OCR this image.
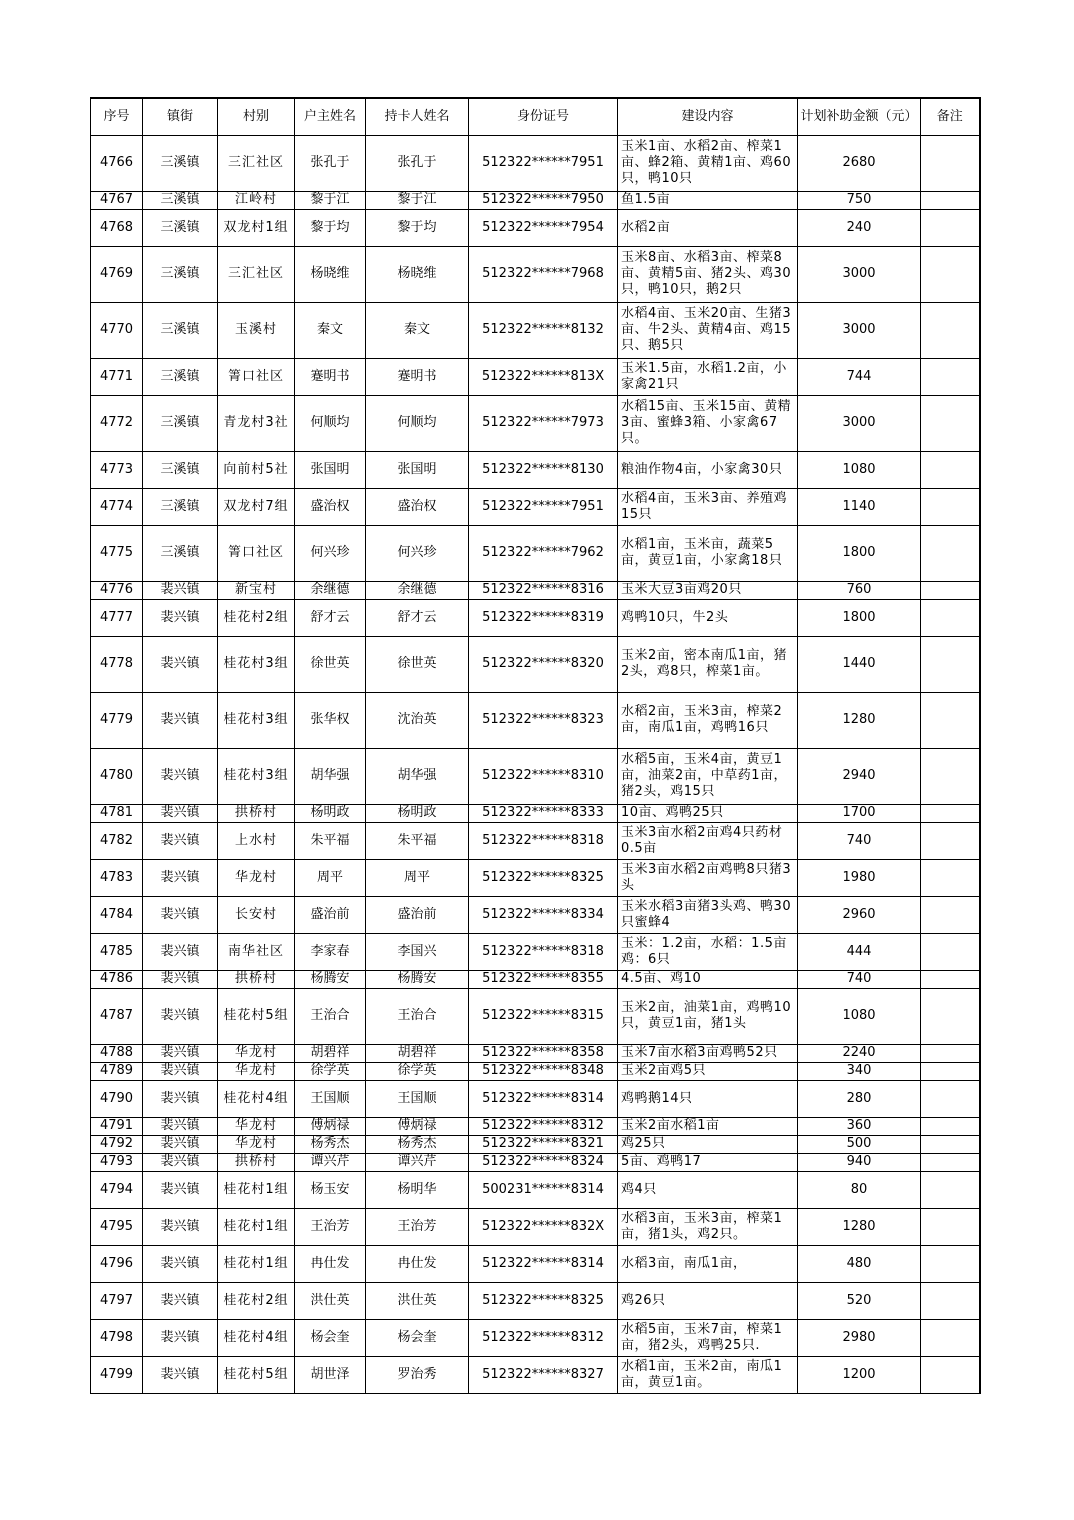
序号	镇街	村别	户主姓名	持卡人姓名	身份证号	建设内容	计划补助金额（元）	备注
4766	三溪镇	三汇社区	张孔于	张孔于	512322******7951	玉米1亩、水稻2亩、榨菜1亩、蜂2箱、黄精1亩、鸡60只，鸭10只	2680	
4767	三溪镇	江岭村	黎于江	黎于江	512322******7950	鱼1.5亩	750	
4768	三溪镇	双龙村1组	黎于均	黎于均	512322******7954	水稻2亩	240	
4769	三溪镇	三汇社区	杨晓维	杨晓维	512322******7968	玉米8亩、水稻3亩、榨菜8亩、黄精5亩、猪2头、鸡30只，鸭10只，鹅2只	3000	
4770	三溪镇	玉溪村	秦文	秦文	512322******8132	水稻4亩、玉米20亩、生猪3亩、牛2头、黄精4亩、鸡15只、鹅5只	3000	
4771	三溪镇	箐口社区	蹇明书	蹇明书	512322******813X	玉米1.5亩，水稻1.2亩，小家禽21只	744	
4772	三溪镇	青龙村3社	何顺均	何顺均	512322******7973	水稻15亩、玉米15亩、黄精3亩、蜜蜂3箱、小家禽67只。	3000	
4773	三溪镇	向前村5社	张国明	张国明	512322******8130	粮油作物4亩，小家禽30只	1080	
4774	三溪镇	双龙村7组	盛治权	盛治权	512322******7951	水稻4亩，玉米3亩、养殖鸡15只	1140	
4775	三溪镇	箐口社区	何兴珍	何兴珍	512322******7962	水稻1亩，玉米亩，蔬菜5亩，黄豆1亩，小家禽18只	1800	
4776	裴兴镇	新宝村	余继德	余继德	512322******8316	玉米大豆3亩鸡20只	760	
4777	裴兴镇	桂花村2组	舒才云	舒才云	512322******8319	鸡鸭10只，牛2头	1800	
4778	裴兴镇	桂花村3组	徐世英	徐世英	512322******8320	玉米2亩，密本南瓜1亩，猪2头，鸡8只，榨菜1亩。	1440	
4779	裴兴镇	桂花村3组	张华权	沈治英	512322******8323	水稻2亩，玉米3亩，榨菜2亩，南瓜1亩，鸡鸭16只	1280	
4780	裴兴镇	桂花村3组	胡华强	胡华强	512322******8310	水稻5亩，玉米4亩，黄豆1亩，油菜2亩，中草药1亩，猪2头，鸡15只	2940	
4781	裴兴镇	拱桥村	杨明政	杨明政	512322******8333	10亩、鸡鸭25只	1700	
4782	裴兴镇	上水村	朱平福	朱平福	512322******8318	玉米3亩水稻2亩鸡4只药材0.5亩	740	
4783	裴兴镇	华龙村	周平	周平	512322******8325	玉米3亩水稻2亩鸡鸭8只猪3头	1980	
4784	裴兴镇	长安村	盛治前	盛治前	512322******8334	玉米水稻3亩猪3头鸡、鸭30只蜜蜂4	2960	
4785	裴兴镇	南华社区	李家春	李国兴	512322******8318	玉米：1.2亩，水稻：1.5亩鸡：6只	444	
4786	裴兴镇	拱桥村	杨腾安	杨腾安	512322******8355	4.5亩、鸡10	740	
4787	裴兴镇	桂花村5组	王治合	王治合	512322******8315	玉米2亩，油菜1亩，鸡鸭10只，黄豆1亩，猪1头	1080	
4788	裴兴镇	华龙村	胡碧祥	胡碧祥	512322******8358	玉米7亩水稻3亩鸡鸭52只	2240	
4789	裴兴镇	华龙村	徐学英	徐学英	512322******8348	玉米2亩鸡5只	340	
4790	裴兴镇	桂花村4组	王国顺	王国顺	512322******8314	鸡鸭鹅14只	280	
4791	裴兴镇	华龙村	傅炳禄	傅炳禄	512322******8312	玉米2亩水稻1亩	360	
4792	裴兴镇	华龙村	杨秀杰	杨秀杰	512322******8321	鸡25只	500	
4793	裴兴镇	拱桥村	谭兴芹	谭兴芹	512322******8324	5亩、鸡鸭17	940	
4794	裴兴镇	桂花村1组	杨玉安	杨明华	500231******8314	鸡4只	80	
4795	裴兴镇	桂花村1组	王治芳	王治芳	512322******832X	水稻3亩，玉米3亩，榨菜1亩，猪1头，鸡2只。	1280	
4796	裴兴镇	桂花村1组	冉仕发	冉仕发	512322******8314	水稻3亩，南瓜1亩，	480	
4797	裴兴镇	桂花村2组	洪仕英	洪仕英	512322******8325	鸡26只	520	
4798	裴兴镇	桂花村4组	杨会奎	杨会奎	512322******8312	水稻5亩，玉米7亩，榨菜1亩，猪2头，鸡鸭25只.	2980	
4799	裴兴镇	桂花村5组	胡世泽	罗治秀	512322******8327	水稻1亩，玉米2亩，南瓜1亩，黄豆1亩。	1200	
